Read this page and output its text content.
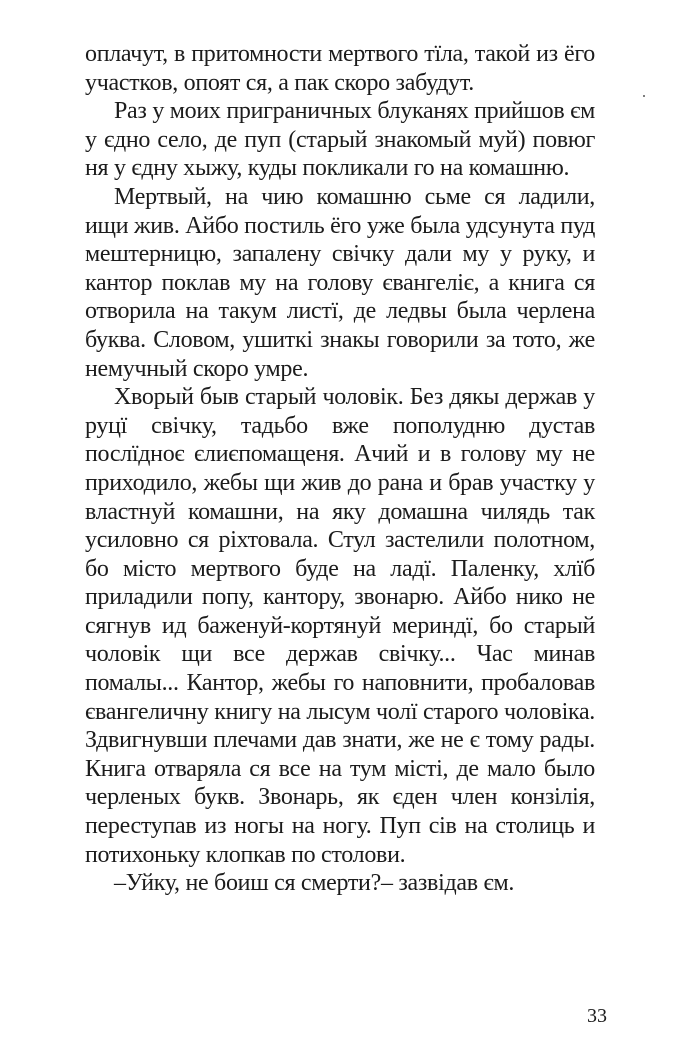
оплачут, в притомности мертвого тїла, такой из ёго участков, опоят ся, а пак скоро забудут.

Раз у моих приграничных блуканях прийшов єм у єдно село, де пуп (старый знакомый муй) повюг ня у єдну хыжу, куды покликали го на комашню.

Мертвый, на чию комашню сьме ся ладили, ищи жив. Айбо постиль ёго уже была удсунута пуд мештерницю, запалену свічку дали му у руку, и кантор поклав му на голову євангеліє, а книга ся отворила на такум листї, де ледвы была черлена буква. Словом, ушиткі знакы говорили за тото, же немучный скоро умре.

Хворый быв старый чоловік. Без дякы держав у руцї свічку, тадьбо вже пополудню дустав послїдноє єлиєпомащеня. Ачий и в голову му не приходило, жебы щи жив до рана и брав участку у властнуй комашни, на яку домашна чилядь так усиловно ся ріхтовала. Стул застелили полотном, бо місто мертвого буде на ладї. Паленку, хлїб приладили попу, кантору, звонарю. Айбо нико не сягнув ид баженуй-кортянуй мериндї, бо старый чоловік щи все держав свічку... Час минав помалы... Кантор, жебы го наповнити, пробаловав євангеличну книгу на лысум чолї старого чоловіка. Здвигнувши плечами дав знати, же не є тому рады. Книга отваряла ся все на тум місті, де мало было черленых букв. Звонарь, як єден член конзілія, переступав из ногы на ногу. Пуп сів на столиць и потихоньку клопкав по столови.

–Уйку, не боиш ся смерти?– зазвідав єм.

33
